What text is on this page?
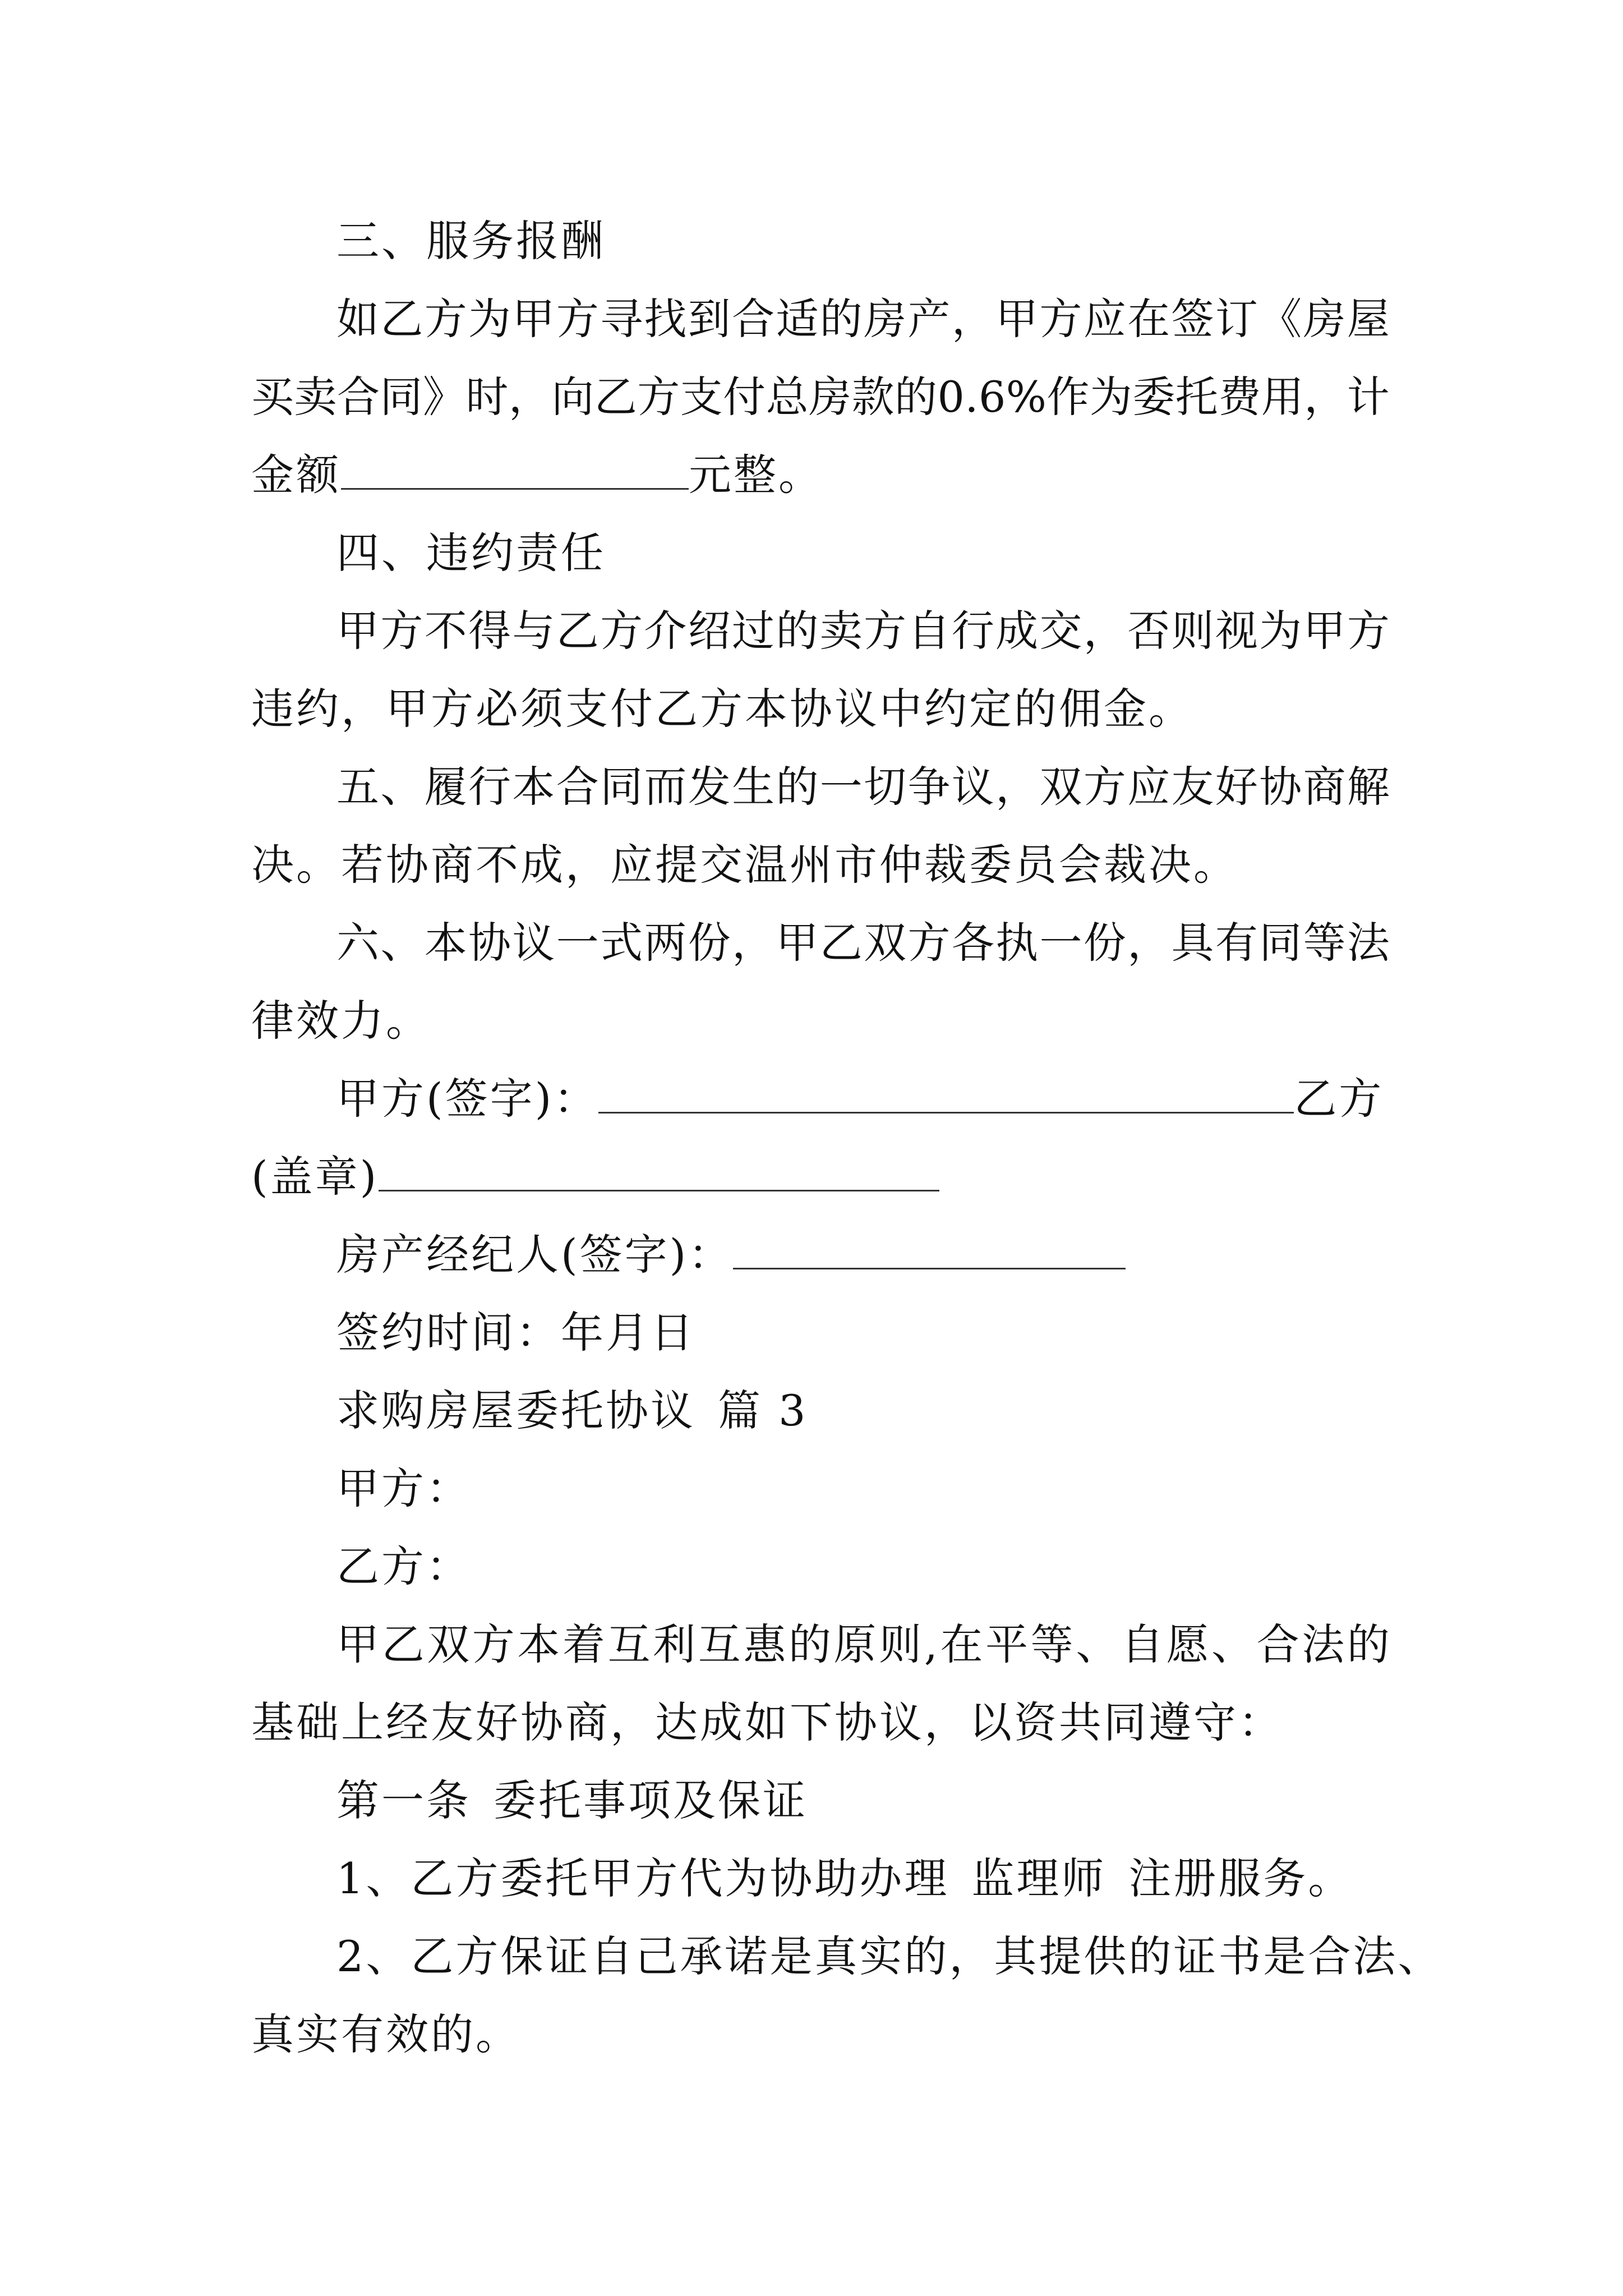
三、服务报酬
如 乙 方 为 甲 方 寻 找 到 合 适 的 房 产 ， 甲 方 应 在 签 订 《 房 屋
买 卖 合 同 》 时 ， 向 乙 方 支 付 总 房 款 的 0 . 6 % 作 为 委 托 费 用 ， 计
金额	元整。
四、违约责任
甲 方 不 得 与 乙 方 介 绍 过 的 卖 方 自 行 成 交 ， 否 则 视 为 甲 方
违约，甲方必须支付乙方本协议中约定的佣金。
五 、 履 行 本 合 同 而 发 生 的 一 切 争 议 ， 双 方 应 友 好 协 商 解
决。若协商不成，应提交温州市仲裁委员会裁决。
六 、 本 协 议 一 式 两 份 ， 甲 乙 双 方 各 执 一 份 ， 具 有 同 等 法
律效力。
甲方(签字)：	乙方
(盖章)
房产经纪人(签字)：
签约时间：年月日
求购房屋委托协议 篇 3
甲方：
乙方：
甲 乙 双 方 本 着 互 利 互 惠 的 原 则 , 在 平 等 、 自 愿 、 合 法 的
基础上经友好协商，达成如下协议，以资共同遵守：
第一条 委托事项及保证
1、乙方委托甲方代为协助办理 监理师 注册服务。
2、乙方保证自己承诺是真实的，其提供的证书是合法、
真实有效的。
